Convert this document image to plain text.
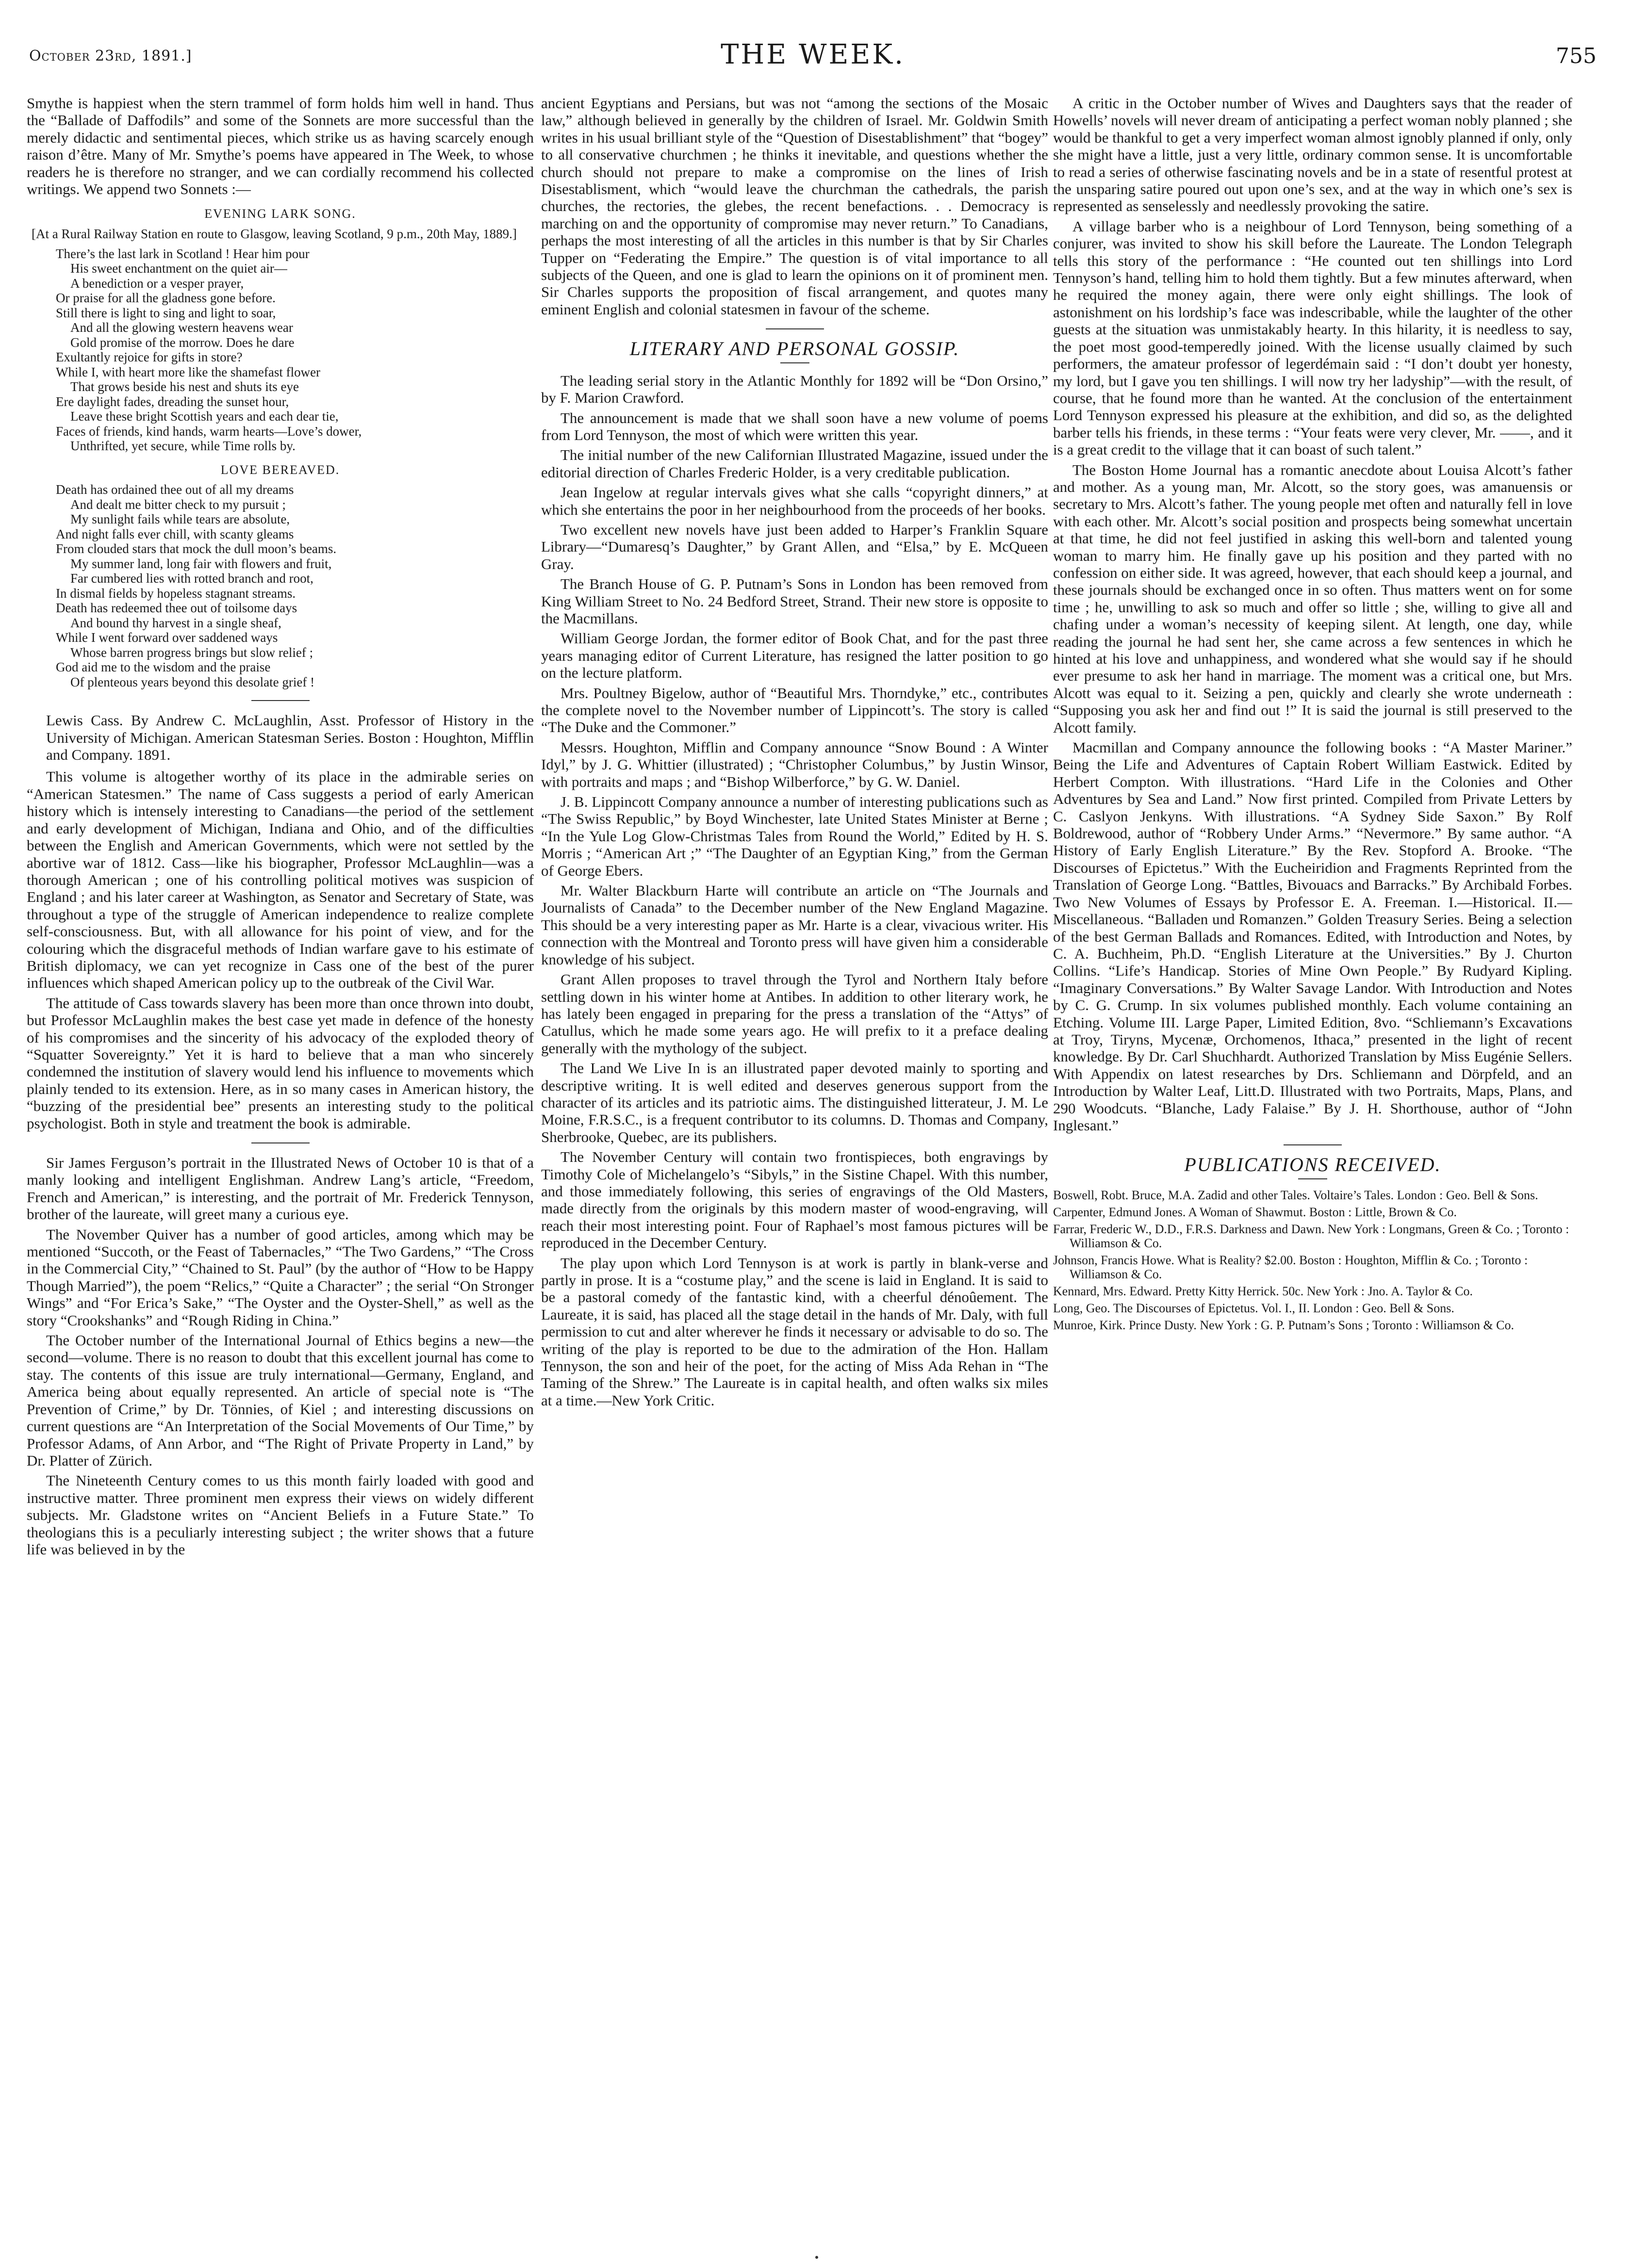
October 23rd, 1891.]	THE WEEK.	755

Smythe is happiest when the stern trammel of form holds him well in hand. Thus the “Ballade of Daffodils” and some of the Sonnets are more successful than the merely didactic and sentimental pieces, which strike us as having scarcely enough raison d’être. Many of Mr. Smythe’s poems have appeared in The Week, to whose readers he is therefore no stranger, and we can cordially recommend his collected writings. We append two Sonnets :—

EVENING LARK SONG.
[At a Rural Railway Station en route to Glasgow, leaving Scotland, 9 p.m., 20th May, 1889.]
There’s the last lark in Scotland ! Hear him pour
His sweet enchantment on the quiet air—
A benediction or a vesper prayer,
Or praise for all the gladness gone before.
Still there is light to sing and light to soar,
And all the glowing western heavens wear
Gold promise of the morrow. Does he dare
Exultantly rejoice for gifts in store?
While I, with heart more like the shamefast flower
That grows beside his nest and shuts its eye
Ere daylight fades, dreading the sunset hour,
Leave these bright Scottish years and each dear tie,
Faces of friends, kind hands, warm hearts—Love’s dower,
Unthrifted, yet secure, while Time rolls by.
LOVE BEREAVED.
Death has ordained thee out of all my dreams
And dealt me bitter check to my pursuit ;
My sunlight fails while tears are absolute,
And night falls ever chill, with scanty gleams
From clouded stars that mock the dull moon’s beams.
My summer land, long fair with flowers and fruit,
Far cumbered lies with rotted branch and root,
In dismal fields by hopeless stagnant streams.
Death has redeemed thee out of toilsome days
And bound thy harvest in a single sheaf,
While I went forward over saddened ways
Whose barren progress brings but slow relief ;
God aid me to the wisdom and the praise
Of plenteous years beyond this desolate grief !

Lewis Cass. By Andrew C. McLaughlin, Asst. Professor of History in the University of Michigan. American Statesman Series. Boston : Houghton, Mifflin and Company. 1891.

This volume is altogether worthy of its place in the admirable series on “American Statesmen.” The name of Cass suggests a period of early American history which is intensely interesting to Canadians—the period of the settlement and early development of Michigan, Indiana and Ohio, and of the difficulties between the English and American Governments, which were not settled by the abortive war of 1812. Cass—like his biographer, Professor McLaughlin—was a thorough American ; one of his controlling political motives was suspicion of England ; and his later career at Washington, as Senator and Secretary of State, was throughout a type of the struggle of American independence to realize complete self-consciousness. But, with all allowance for his point of view, and for the colouring which the disgraceful methods of Indian warfare gave to his estimate of British diplomacy, we can yet recognize in Cass one of the best of the purer influences which shaped American policy up to the outbreak of the Civil War.

The attitude of Cass towards slavery has been more than once thrown into doubt, but Professor McLaughlin makes the best case yet made in defence of the honesty of his compromises and the sincerity of his advocacy of the exploded theory of “Squatter Sovereignty.” Yet it is hard to believe that a man who sincerely condemned the institution of slavery would lend his influence to movements which plainly tended to its extension. Here, as in so many cases in American history, the “buzzing of the presidential bee” presents an interesting study to the political psychologist. Both in style and treatment the book is admirable.

Sir James Ferguson’s portrait in the Illustrated News of October 10 is that of a manly looking and intelligent Englishman. Andrew Lang’s article, “Freedom, French and American,” is interesting, and the portrait of Mr. Frederick Tennyson, brother of the laureate, will greet many a curious eye.

The November Quiver has a number of good articles, among which may be mentioned “Succoth, or the Feast of Tabernacles,” “The Two Gardens,” “The Cross in the Commercial City,” “Chained to St. Paul” (by the author of “How to be Happy Though Married”), the poem “Relics,” “Quite a Character” ; the serial “On Stronger Wings” and “For Erica’s Sake,” “The Oyster and the Oyster-Shell,” as well as the story “Crookshanks” and “Rough Riding in China.”

The October number of the International Journal of Ethics begins a new—the second—volume. There is no reason to doubt that this excellent journal has come to stay. The contents of this issue are truly international—Germany, England, and America being about equally represented. An article of special note is “The Prevention of Crime,” by Dr. Tönnies, of Kiel ; and interesting discussions on current questions are “An Interpretation of the Social Movements of Our Time,” by Professor Adams, of Ann Arbor, and “The Right of Private Property in Land,” by Dr. Platter of Zürich.

The Nineteenth Century comes to us this month fairly loaded with good and instructive matter. Three prominent men express their views on widely different subjects. Mr. Gladstone writes on “Ancient Beliefs in a Future State.” To theologians this is a peculiarly interesting subject ; the writer shows that a future life was believed in by the

ancient Egyptians and Persians, but was not “among the sections of the Mosaic law,” although believed in generally by the children of Israel. Mr. Goldwin Smith writes in his usual brilliant style of the “Question of Disestablishment” that “bogey” to all conservative churchmen ; he thinks it inevitable, and questions whether the church should not prepare to make a compromise on the lines of Irish Disestablisment, which “would leave the churchman the cathedrals, the parish churches, the rectories, the glebes, the recent benefactions. . . Democracy is marching on and the opportunity of compromise may never return.” To Canadians, perhaps the most interesting of all the articles in this number is that by Sir Charles Tupper on “Federating the Empire.” The question is of vital importance to all subjects of the Queen, and one is glad to learn the opinions on it of prominent men. Sir Charles supports the proposition of fiscal arrangement, and quotes many eminent English and colonial statesmen in favour of the scheme.

LITERARY AND PERSONAL GOSSIP.

The leading serial story in the Atlantic Monthly for 1892 will be “Don Orsino,” by F. Marion Crawford.

The announcement is made that we shall soon have a new volume of poems from Lord Tennyson, the most of which were written this year.

The initial number of the new Californian Illustrated Magazine, issued under the editorial direction of Charles Frederic Holder, is a very creditable publication.

Jean Ingelow at regular intervals gives what she calls “copyright dinners,” at which she entertains the poor in her neighbourhood from the proceeds of her books.

Two excellent new novels have just been added to Harper’s Franklin Square Library—“Dumaresq’s Daughter,” by Grant Allen, and “Elsa,” by E. McQueen Gray.

The Branch House of G. P. Putnam’s Sons in London has been removed from King William Street to No. 24 Bedford Street, Strand. Their new store is opposite to the Macmillans.

William George Jordan, the former editor of Book Chat, and for the past three years managing editor of Current Literature, has resigned the latter position to go on the lecture platform.

Mrs. Poultney Bigelow, author of “Beautiful Mrs. Thorndyke,” etc., contributes the complete novel to the November number of Lippincott’s. The story is called “The Duke and the Commoner.”

Messrs. Houghton, Mifflin and Company announce “Snow Bound : A Winter Idyl,” by J. G. Whittier (illustrated) ; “Christopher Columbus,” by Justin Winsor, with portraits and maps ; and “Bishop Wilberforce,” by G. W. Daniel.

J. B. Lippincott Company announce a number of interesting publications such as “The Swiss Republic,” by Boyd Winchester, late United States Minister at Berne ; “In the Yule Log Glow-Christmas Tales from Round the World,” Edited by H. S. Morris ; “American Art ;” “The Daughter of an Egyptian King,” from the German of George Ebers.

Mr. Walter Blackburn Harte will contribute an article on “The Journals and Journalists of Canada” to the December number of the New England Magazine. This should be a very interesting paper as Mr. Harte is a clear, vivacious writer. His connection with the Montreal and Toronto press will have given him a considerable knowledge of his subject.

Grant Allen proposes to travel through the Tyrol and Northern Italy before settling down in his winter home at Antibes. In addition to other literary work, he has lately been engaged in preparing for the press a translation of the “Attys” of Catullus, which he made some years ago. He will prefix to it a preface dealing generally with the mythology of the subject.

The Land We Live In is an illustrated paper devoted mainly to sporting and descriptive writing. It is well edited and deserves generous support from the character of its articles and its patriotic aims. The distinguished litterateur, J. M. Le Moine, F.R.S.C., is a frequent contributor to its columns. D. Thomas and Company, Sherbrooke, Quebec, are its publishers.

The November Century will contain two frontispieces, both engravings by Timothy Cole of Michelangelo’s “Sibyls,” in the Sistine Chapel. With this number, and those immediately following, this series of engravings of the Old Masters, made directly from the originals by this modern master of wood-engraving, will reach their most interesting point. Four of Raphael’s most famous pictures will be reproduced in the December Century.

The play upon which Lord Tennyson is at work is partly in blank-verse and partly in prose. It is a “costume play,” and the scene is laid in England. It is said to be a pastoral comedy of the fantastic kind, with a cheerful dénoûement. The Laureate, it is said, has placed all the stage detail in the hands of Mr. Daly, with full permission to cut and alter wherever he finds it necessary or advisable to do so. The writing of the play is reported to be due to the admiration of the Hon. Hallam Tennyson, the son and heir of the poet, for the acting of Miss Ada Rehan in “The Taming of the Shrew.” The Laureate is in capital health, and often walks six miles at a time.—New York Critic.

A critic in the October number of Wives and Daughters says that the reader of Howells’ novels will never dream of anticipating a perfect woman nobly planned ; she would be thankful to get a very imperfect woman almost ignobly planned if only, only she might have a little, just a very little, ordinary common sense. It is uncomfortable to read a series of otherwise fascinating novels and be in a state of resentful protest at the unsparing satire poured out upon one’s sex, and at the way in which one’s sex is represented as senselessly and needlessly provoking the satire.

A village barber who is a neighbour of Lord Tennyson, being something of a conjurer, was invited to show his skill before the Laureate. The London Telegraph tells this story of the performance : “He counted out ten shillings into Lord Tennyson’s hand, telling him to hold them tightly. But a few minutes afterward, when he required the money again, there were only eight shillings. The look of astonishment on his lordship’s face was indescribable, while the laughter of the other guests at the situation was unmistakably hearty. In this hilarity, it is needless to say, the poet most good-temperedly joined. With the license usually claimed by such performers, the amateur professor of legerdémain said : “I don’t doubt yer honesty, my lord, but I gave you ten shillings. I will now try her ladyship”—with the result, of course, that he found more than he wanted. At the conclusion of the entertainment Lord Tennyson expressed his pleasure at the exhibition, and did so, as the delighted barber tells his friends, in these terms : “Your feats were very clever, Mr. ——, and it is a great credit to the village that it can boast of such talent.”

The Boston Home Journal has a romantic anecdote about Louisa Alcott’s father and mother. As a young man, Mr. Alcott, so the story goes, was amanuensis or secretary to Mrs. Alcott’s father. The young people met often and naturally fell in love with each other. Mr. Alcott’s social position and prospects being somewhat uncertain at that time, he did not feel justified in asking this well-born and talented young woman to marry him. He finally gave up his position and they parted with no confession on either side. It was agreed, however, that each should keep a journal, and these journals should be exchanged once in so often. Thus matters went on for some time ; he, unwilling to ask so much and offer so little ; she, willing to give all and chafing under a woman’s necessity of keeping silent. At length, one day, while reading the journal he had sent her, she came across a few sentences in which he hinted at his love and unhappiness, and wondered what she would say if he should ever presume to ask her hand in marriage. The moment was a critical one, but Mrs. Alcott was equal to it. Seizing a pen, quickly and clearly she wrote underneath : “Supposing you ask her and find out !” It is said the journal is still preserved to the Alcott family.

Macmillan and Company announce the following books : “A Master Mariner.” Being the Life and Adventures of Captain Robert William Eastwick. Edited by Herbert Compton. With illustrations. “Hard Life in the Colonies and Other Adventures by Sea and Land.” Now first printed. Compiled from Private Letters by C. Caslyon Jenkyns. With illustrations. “A Sydney Side Saxon.” By Rolf Boldrewood, author of “Robbery Under Arms.” “Nevermore.” By same author. “A History of Early English Literature.” By the Rev. Stopford A. Brooke. “The Discourses of Epictetus.” With the Eucheiridion and Fragments Reprinted from the Translation of George Long. “Battles, Bivouacs and Barracks.” By Archibald Forbes. Two New Volumes of Essays by Professor E. A. Freeman. I.—Historical. II.—Miscellaneous. “Balladen und Romanzen.” Golden Treasury Series. Being a selection of the best German Ballads and Romances. Edited, with Introduction and Notes, by C. A. Buchheim, Ph.D. “English Literature at the Universities.” By J. Churton Collins. “Life’s Handicap. Stories of Mine Own People.” By Rudyard Kipling. “Imaginary Conversations.” By Walter Savage Landor. With Introduction and Notes by C. G. Crump. In six volumes published monthly. Each volume containing an Etching. Volume III. Large Paper, Limited Edition, 8vo. “Schliemann’s Excavations at Troy, Tiryns, Mycenæ, Orchomenos, Ithaca,” presented in the light of recent knowledge. By Dr. Carl Shuchhardt. Authorized Translation by Miss Eugénie Sellers. With Appendix on latest researches by Drs. Schliemann and Dörpfeld, and an Introduction by Walter Leaf, Litt.D. Illustrated with two Portraits, Maps, Plans, and 290 Woodcuts. “Blanche, Lady Falaise.” By J. H. Shorthouse, author of “John Inglesant.”

PUBLICATIONS RECEIVED.
Boswell, Robt. Bruce, M.A. Zadid and other Tales. Voltaire’s Tales. London : Geo. Bell & Sons.
Carpenter, Edmund Jones. A Woman of Shawmut. Boston : Little, Brown & Co.
Farrar, Frederic W., D.D., F.R.S. Darkness and Dawn. New York : Longmans, Green & Co. ; Toronto : Williamson & Co.
Johnson, Francis Howe. What is Reality? $2.00. Boston : Houghton, Mifflin & Co. ; Toronto : Williamson & Co.
Kennard, Mrs. Edward. Pretty Kitty Herrick. 50c. New York : Jno. A. Taylor & Co.
Long, Geo. The Discourses of Epictetus. Vol. I., II. London : Geo. Bell & Sons.
Munroe, Kirk. Prince Dusty. New York : G. P. Putnam’s Sons ; Toronto : Williamson & Co.
